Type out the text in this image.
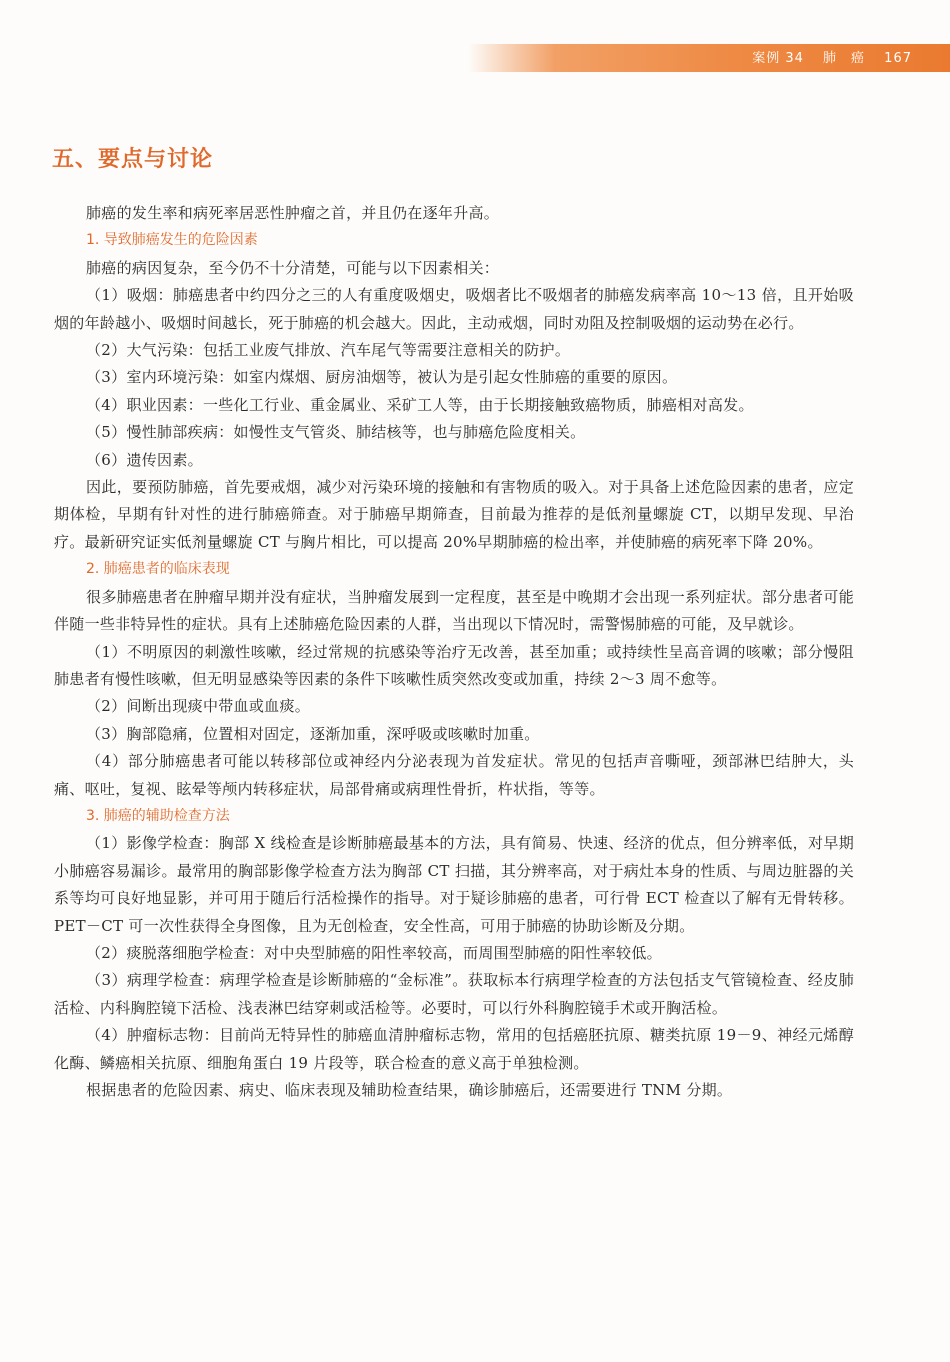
案例 34 肺　癌 167
五、要点与讨论

肺癌的发生率和病死率居恶性肿瘤之首，并且仍在逐年升高。

1. 导致肺癌发生的危险因素

肺癌的病因复杂，至今仍不十分清楚，可能与以下因素相关：

（1）吸烟：肺癌患者中约四分之三的人有重度吸烟史，吸烟者比不吸烟者的肺癌发病率高 10～13 倍，且开始吸烟的年龄越小、吸烟时间越长，死于肺癌的机会越大。因此，主动戒烟，同时劝阻及控制吸烟的运动势在必行。

（2）大气污染：包括工业废气排放、汽车尾气等需要注意相关的防护。

（3）室内环境污染：如室内煤烟、厨房油烟等，被认为是引起女性肺癌的重要的原因。

（4）职业因素：一些化工行业、重金属业、采矿工人等，由于长期接触致癌物质，肺癌相对高发。

（5）慢性肺部疾病：如慢性支气管炎、肺结核等，也与肺癌危险度相关。

（6）遗传因素。

因此，要预防肺癌，首先要戒烟，减少对污染环境的接触和有害物质的吸入。对于具备上述危险因素的患者，应定期体检，早期有针对性的进行肺癌筛查。对于肺癌早期筛查，目前最为推荐的是低剂量螺旋 CT，以期早发现、早治疗。最新研究证实低剂量螺旋 CT 与胸片相比，可以提高 20%早期肺癌的检出率，并使肺癌的病死率下降 20%。

2. 肺癌患者的临床表现

很多肺癌患者在肿瘤早期并没有症状，当肿瘤发展到一定程度，甚至是中晚期才会出现一系列症状。部分患者可能伴随一些非特异性的症状。具有上述肺癌危险因素的人群，当出现以下情况时，需警惕肺癌的可能，及早就诊。

（1）不明原因的刺激性咳嗽，经过常规的抗感染等治疗无改善，甚至加重；或持续性呈高音调的咳嗽；部分慢阻肺患者有慢性咳嗽，但无明显感染等因素的条件下咳嗽性质突然改变或加重，持续 2～3 周不愈等。

（2）间断出现痰中带血或血痰。

（3）胸部隐痛，位置相对固定，逐渐加重，深呼吸或咳嗽时加重。

（4）部分肺癌患者可能以转移部位或神经内分泌表现为首发症状。常见的包括声音嘶哑，颈部淋巴结肿大，头痛、呕吐，复视、眩晕等颅内转移症状，局部骨痛或病理性骨折，杵状指，等等。

3. 肺癌的辅助检查方法

（1）影像学检查：胸部 X 线检查是诊断肺癌最基本的方法，具有简易、快速、经济的优点，但分辨率低，对早期小肺癌容易漏诊。最常用的胸部影像学检查方法为胸部 CT 扫描，其分辨率高，对于病灶本身的性质、与周边脏器的关系等均可良好地显影，并可用于随后行活检操作的指导。对于疑诊肺癌的患者，可行骨 ECT 检查以了解有无骨转移。PET－CT 可一次性获得全身图像，且为无创检查，安全性高，可用于肺癌的协助诊断及分期。

（2）痰脱落细胞学检查：对中央型肺癌的阳性率较高，而周围型肺癌的阳性率较低。

（3）病理学检查：病理学检查是诊断肺癌的“金标准”。获取标本行病理学检查的方法包括支气管镜检查、经皮肺活检、内科胸腔镜下活检、浅表淋巴结穿刺或活检等。必要时，可以行外科胸腔镜手术或开胸活检。

（4）肿瘤标志物：目前尚无特异性的肺癌血清肿瘤标志物，常用的包括癌胚抗原、糖类抗原 19－9、神经元烯醇化酶、鳞癌相关抗原、细胞角蛋白 19 片段等，联合检查的意义高于单独检测。

根据患者的危险因素、病史、临床表现及辅助检查结果，确诊肺癌后，还需要进行 TNM 分期。
